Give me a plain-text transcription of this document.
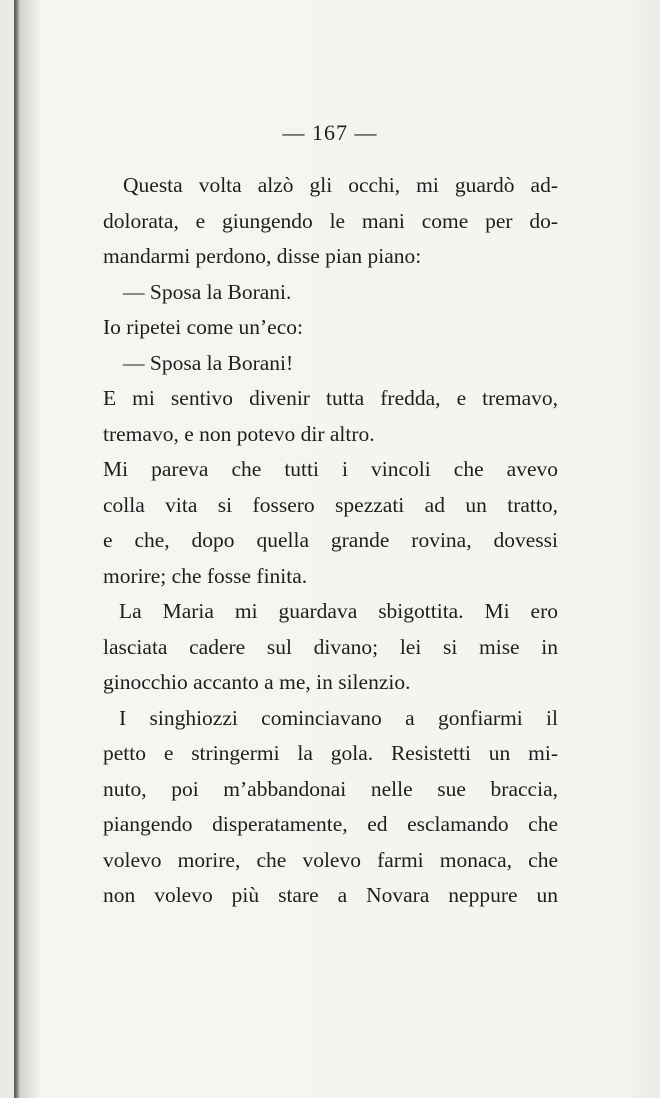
— 167 —
Questa volta alzò gli occhi, mi guardò ad-
dolorata, e giungendo le mani come per do-
mandarmi perdono, disse pian piano:
— Sposa la Borani.
Io ripetei come un’eco:
— Sposa la Borani!
E mi sentivo divenir tutta fredda, e tremavo,
tremavo, e non potevo dir altro.
Mi pareva che tutti i vincoli che avevo
colla vita si fossero spezzati ad un tratto,
e che, dopo quella grande rovina, dovessi
morire; che fosse finita.
La Maria mi guardava sbigottita. Mi ero
lasciata cadere sul divano; lei si mise in
ginocchio accanto a me, in silenzio.
I singhiozzi cominciavano a gonfiarmi il
petto e stringermi la gola. Resistetti un mi-
nuto, poi m’abbandonai nelle sue braccia,
piangendo disperatamente, ed esclamando che
volevo morire, che volevo farmi monaca, che
non volevo più stare a Novara neppure un
